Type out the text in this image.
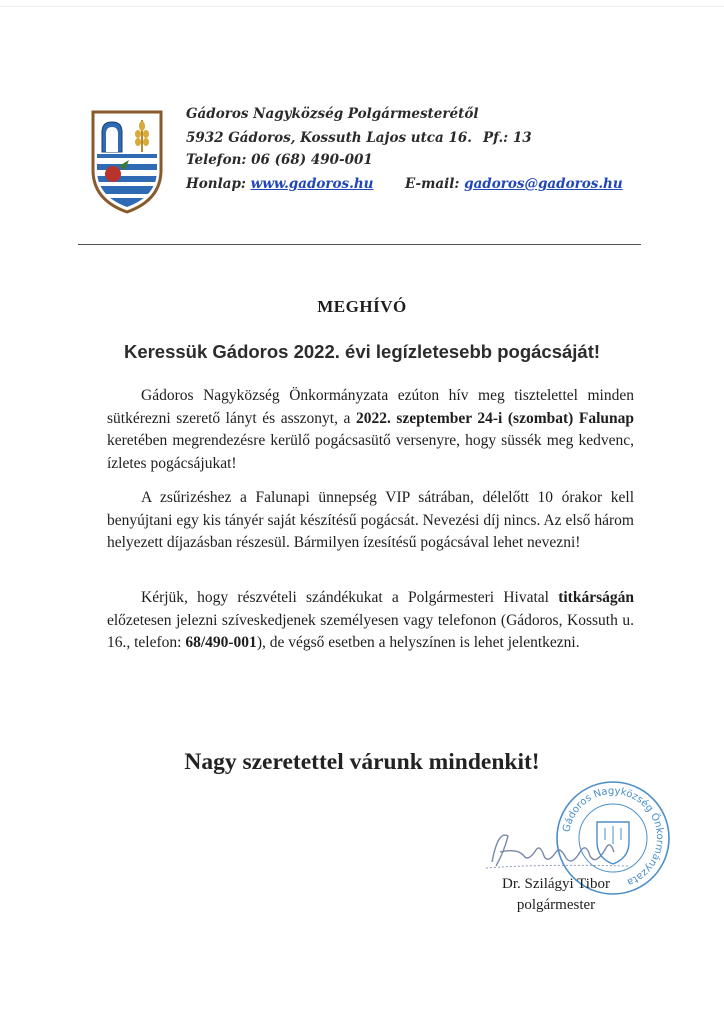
Gádoros Nagyközség Polgármesterétől
5932 Gádoros, Kossuth Lajos utca 16. Pf.: 13
Telefon: 06 (68) 490-001
Honlap: www.gadoros.hu E-mail: gadoros@gadoros.hu
MEGHÍVÓ
Keressük Gádoros 2022. évi legízletesebb pogácsáját!
Gádoros Nagyközség Önkormányzata ezúton hív meg tisztelettel minden sütkérezni szerető lányt és asszonyt, a 2022. szeptember 24-i (szombat) Falunap keretében megrendezésre kerülő pogácsasütő versenyre, hogy süssék meg kedvenc, ízletes pogácsájukat!
A zsűrizéshez a Falunapi ünnepség VIP sátrában, délelőtt 10 órakor kell benyújtani egy kis tányér saját készítésű pogácsát. Nevezési díj nincs. Az első három helyezett díjazásban részesül. Bármilyen ízesítésű pogácsával lehet nevezni!
Kérjük, hogy részvételi szándékukat a Polgármesteri Hivatal titkárságán előzetesen jelezni szíveskedjenek személyesen vagy telefonon (Gádoros, Kossuth u. 16., telefon: 68/490-001), de végső esetben a helyszínen is lehet jelentkezni.
Nagy szeretettel várunk mindenkit!
Gádoros Nagyközség Önkormányzata
Dr. Szilágyi Tibor
polgármester
